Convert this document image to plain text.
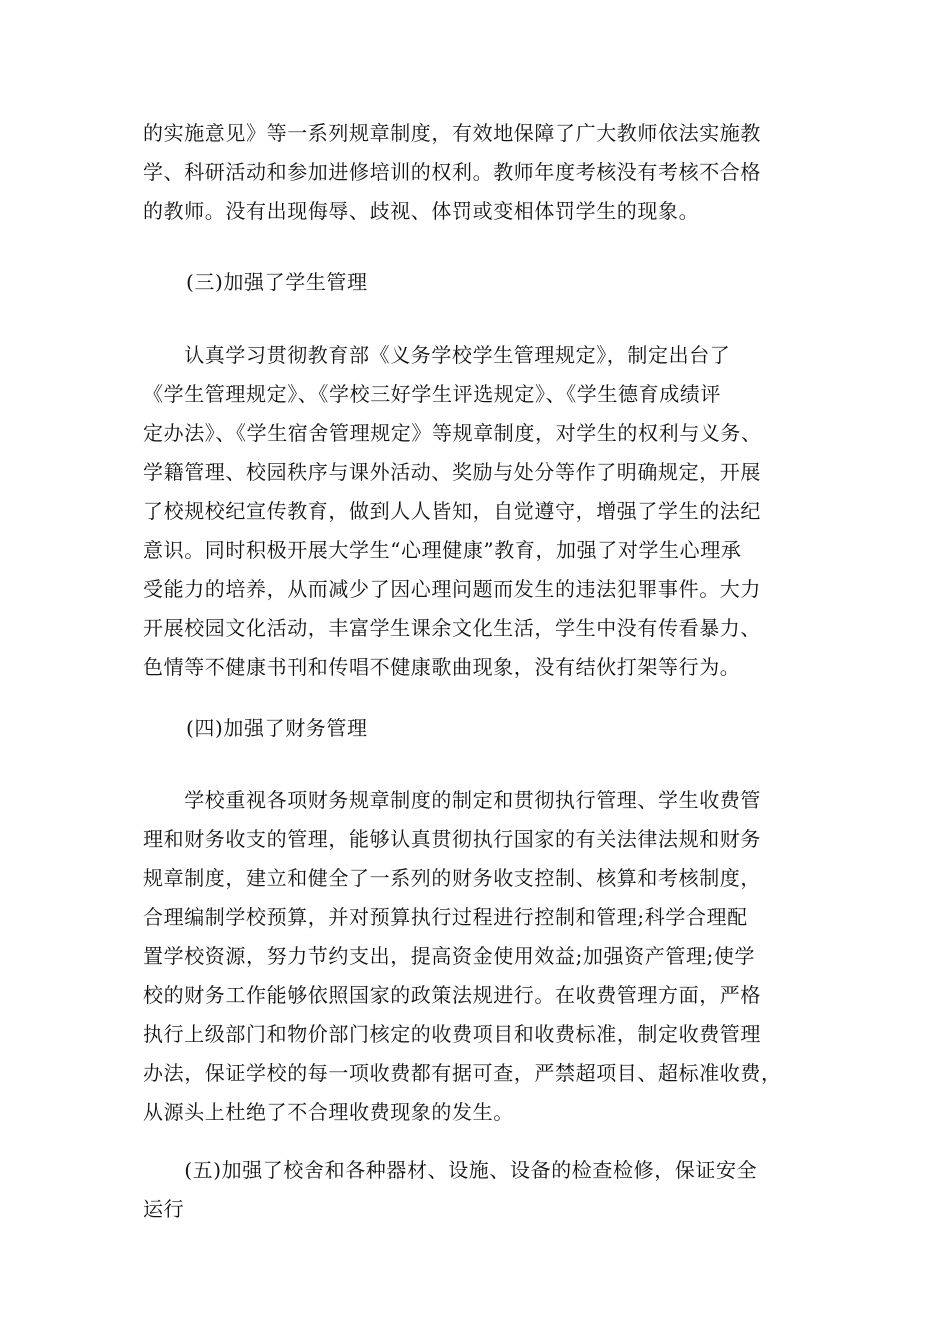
的实施意见》等一系列规章制度，有效地保障了广大教师依法实施教
学、科研活动和参加进修培训的权利。教师年度考核没有考核不合格
的教师。没有出现侮辱、歧视、体罚或变相体罚学生的现象。
(三)加强了学生管理
　　认真学习贯彻教育部《义务学校学生管理规定》，制定出台了
《学生管理规定》、《学校三好学生评选规定》、《学生德育成绩评
定办法》、《学生宿舍管理规定》等规章制度，对学生的权利与义务、
学籍管理、校园秩序与课外活动、奖励与处分等作了明确规定，开展
了校规校纪宣传教育，做到人人皆知，自觉遵守，增强了学生的法纪
意识。同时积极开展大学生“心理健康”教育，加强了对学生心理承
受能力的培养，从而减少了因心理问题而发生的违法犯罪事件。大力
开展校园文化活动，丰富学生课余文化生活，学生中没有传看暴力、
色情等不健康书刊和传唱不健康歌曲现象，没有结伙打架等行为。
(四)加强了财务管理
　　学校重视各项财务规章制度的制定和贯彻执行管理、学生收费管
理和财务收支的管理，能够认真贯彻执行国家的有关法律法规和财务
规章制度，建立和健全了一系列的财务收支控制、核算和考核制度，
合理编制学校预算，并对预算执行过程进行控制和管理;科学合理配
置学校资源，努力节约支出，提高资金使用效益;加强资产管理;使学
校的财务工作能够依照国家的政策法规进行。在收费管理方面，严格
执行上级部门和物价部门核定的收费项目和收费标准，制定收费管理
办法，保证学校的每一项收费都有据可查，严禁超项目、超标准收费，
从源头上杜绝了不合理收费现象的发生。
　　(五)加强了校舍和各种器材、设施、设备的检查检修，保证安全
运行
